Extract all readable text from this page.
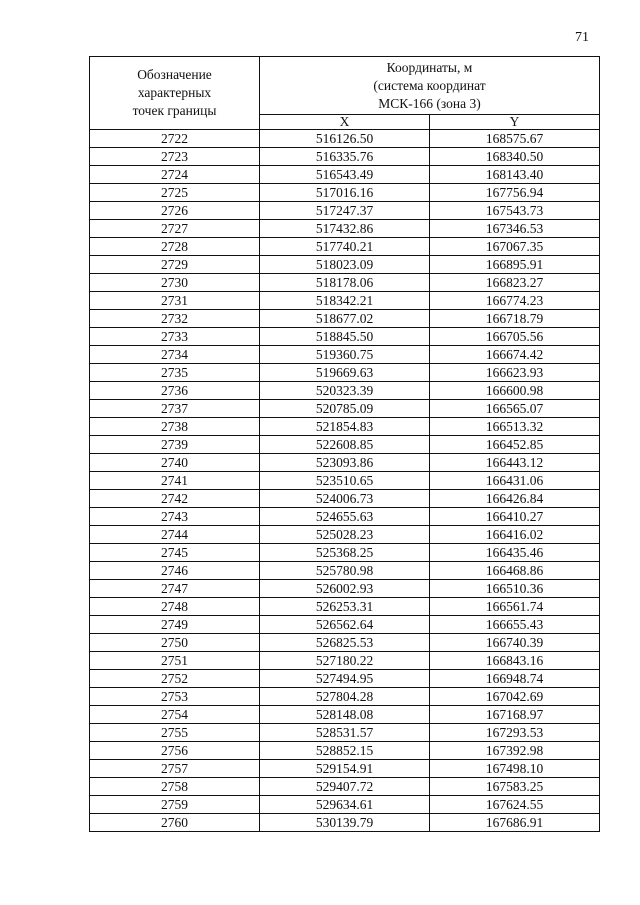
71
Обозначение
характерных
точек границы	Координаты, м
(система координат
МСК-166 (зона 3)	

	X	Y
2722	516126.50	168575.67
2723	516335.76	168340.50
2724	516543.49	168143.40
2725	517016.16	167756.94
2726	517247.37	167543.73
2727	517432.86	167346.53
2728	517740.21	167067.35
2729	518023.09	166895.91
2730	518178.06	166823.27
2731	518342.21	166774.23
2732	518677.02	166718.79
2733	518845.50	166705.56
2734	519360.75	166674.42
2735	519669.63	166623.93
2736	520323.39	166600.98
2737	520785.09	166565.07
2738	521854.83	166513.32
2739	522608.85	166452.85
2740	523093.86	166443.12
2741	523510.65	166431.06
2742	524006.73	166426.84
2743	524655.63	166410.27
2744	525028.23	166416.02
2745	525368.25	166435.46
2746	525780.98	166468.86
2747	526002.93	166510.36
2748	526253.31	166561.74
2749	526562.64	166655.43
2750	526825.53	166740.39
2751	527180.22	166843.16
2752	527494.95	166948.74
2753	527804.28	167042.69
2754	528148.08	167168.97
2755	528531.57	167293.53
2756	528852.15	167392.98
2757	529154.91	167498.10
2758	529407.72	167583.25
2759	529634.61	167624.55
2760	530139.79	167686.91
